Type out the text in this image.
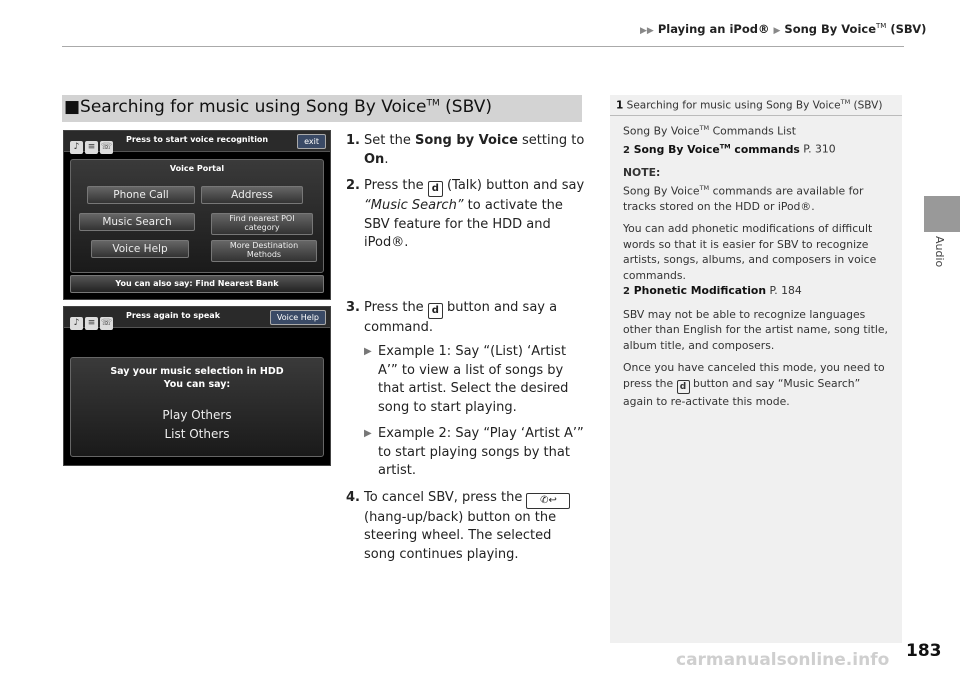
▶▶ Playing an iPod® ▶ Song By Voice™ (SBV)
Audio
■Searching for music using Song By Voice™ (SBV)
♪ ≡ ☏
Press to start voice recognition	exit
Voice Portal
Phone Call	Address
Music Search	Find nearest POI category
Voice Help	More Destination Methods
You can also say: Find Nearest Bank
♪ ≡ ☏
Press again to speak	Voice Help
Say your music selection in HDD
You can say:
Play Others
List Others
1. Set the Song by Voice setting to On.
2. Press the d (Talk) button and say “Music Search” to activate the SBV feature for the HDD and iPod®.
3. Press the d button and say a command.
▶ Example 1: Say “(List) ‘Artist A’” to view a list of songs by that artist. Select the desired song to start playing.
▶ Example 2: Say “Play ‘Artist A’” to start playing songs by that artist.
4. To cancel SBV, press the ✆↩ (hang-up/back) button on the steering wheel. The selected song continues playing.
1 Searching for music using Song By Voice™ (SBV)

Song By Voice™ Commands List
2 Song By Voice™ commands P. 310

NOTE:
Song By Voice™ commands are available for tracks stored on the HDD or iPod®.

You can add phonetic modifications of difficult words so that it is easier for SBV to recognize artists, songs, albums, and composers in voice commands.
2 Phonetic Modification P. 184

SBV may not be able to recognize languages other than English for the artist name, song title, album title, and composers.

Once you have canceled this mode, you need to press the d button and say “Music Search” again to re-activate this mode.

carmanualsonline.info 183
